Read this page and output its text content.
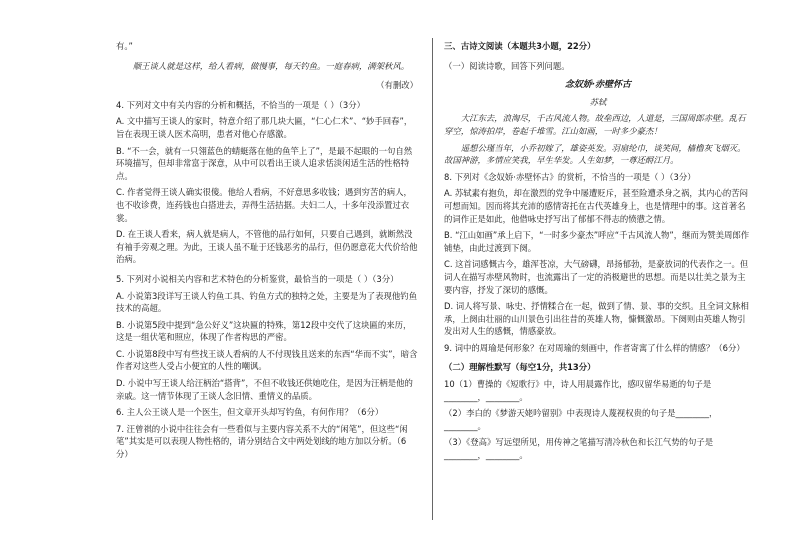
有。”

顺王谈人就是这样，给人看病，做慢事，每天钓鱼。一庭春病，满架秋风。

（有删改）

4. 下列对文中有关内容的分析和概括，不恰当的一项是（ ）（3分）

A. 文中描写王谈人的家时，特意介绍了那几块大匾，“仁心仁术”、“妙手回春”，旨在表现王谈人医术高明，患者对他心存感激。

B. “不一会，就有一只翎蓝色的蜻蜓落在他的鱼竿上了”，是最不起眼的一句自然环境描写，但却非常富于深意，从中可以看出王谈人追求恬淡闲适生活的性格特点。

C. 作者觉得王谈人确实很傻。他给人看病，不好意思多收钱；遇到穷苦的病人，也不收诊费，连药钱也白搭进去，弄得生活拮据。夫妇二人，十多年没添置过衣裳。

D. 在王谈人看来，病人就是病人，不管他的品行如何，只要自己遇到，就断然没有袖手旁观之理。为此，王谈人虽不耻于还钱恶劣的品行，但仍愿意花大代价给他治病。

5. 下列对小说相关内容和艺术特色的分析鉴赏，最恰当的一项是（ ）（3分）

A. 小说第3段详写王谈人钓鱼工具、钓鱼方式的独特之处，主要是为了表现他钓鱼技术的高超。

B. 小说第5段中提到“急公好义”这块匾的特殊，第12段中交代了这块匾的来历，这是一组伏笔和照应，体现了作者构思的严密。

C. 小说第8段中写有些找王谈人看病的人不付现钱且送来的东西“华而不实”，暗含作者对这些人受占小便宜的人性的嘲讽。

D. 小说中写王谈人给汪柄治“搭背”，不但不收钱还供她吃住，是因为汪柄是他的亲戚。这一情节体现了王谈人念旧情、重情义的品质。

6. 主人公王谈人是一个医生，但文章开头却写钓鱼，有何作用？（6分）

7. 汪曾祺的小说中往往会有一些看似与主要内容关系不大的“闲笔”，但这些“闲笔”其实是可以表现人物性格的，请分别结合文中两处划线的地方加以分析。（6分）

三、古诗文阅读（本题共3小题，22分）

（一）阅读诗歌，回答下列问题。

念奴娇·赤壁怀古

苏轼

大江东去，浪淘尽，千古风流人物。故垒西边，人道是，三国周郎赤壁。乱石穿空，惊涛拍岸，卷起千堆雪。江山如画，一时多少豪杰！

遥想公瑾当年，小乔初嫁了，雄姿英发。羽扇纶巾，谈笑间，樯橹灰飞烟灭。故国神游，多情应笑我，早生华发。人生如梦，一尊还酹江月。

8. 下列对《念奴娇·赤壁怀古》的赏析，不恰当的一项是（ ）（3分）

A. 苏轼素有抱负，却在激烈的党争中屡遭贬斥，甚至险遭杀身之祸，其内心的苦闷可想而知。因而将其充沛的感情寄托在古代英雄身上，也是情理中的事。这首著名的词作正是如此，他借咏史抒写出了郁郁不得志的愤懑之情。

B. “江山如画”承上启下，“一时多少豪杰”呼应“千古风流人物”，继而为赞美周郎作铺垫，由此过渡到下阕。

C. 这首词感慨古今，雄浑苍凉，大气磅礴，昂扬郁勃，是豪放词的代表作之一。但词人在描写赤壁风物时，也流露出了一定的消极避世的思想。而是以壮美之景为主要内容，抒发了深切的感慨。

D. 词人将写景、咏史、抒情糅合在一起，做到了情、景、事的交织。且全词文脉相承，上阕由壮丽的山川景色引出往昔的英雄人物，慷慨激昂。下阕则由英雄人物引发出对人生的感慨，情感豪放。

9. 词中的周瑜是何形象？在对周瑜的刻画中，作者寄寓了什么样的情感？（6分）

（二）理解性默写（每空1分，共13分）

10（1）曹操的《短歌行》中，诗人用晨露作比，感叹留华易逝的句子是________，________。

（2）李白的《梦游天姥吟留别》中表现诗人蔑视权贵的句子是________，________。

（3）《登高》写远望所见，用传神之笔描写清冷秋色和长江气势的句子是________，________。
